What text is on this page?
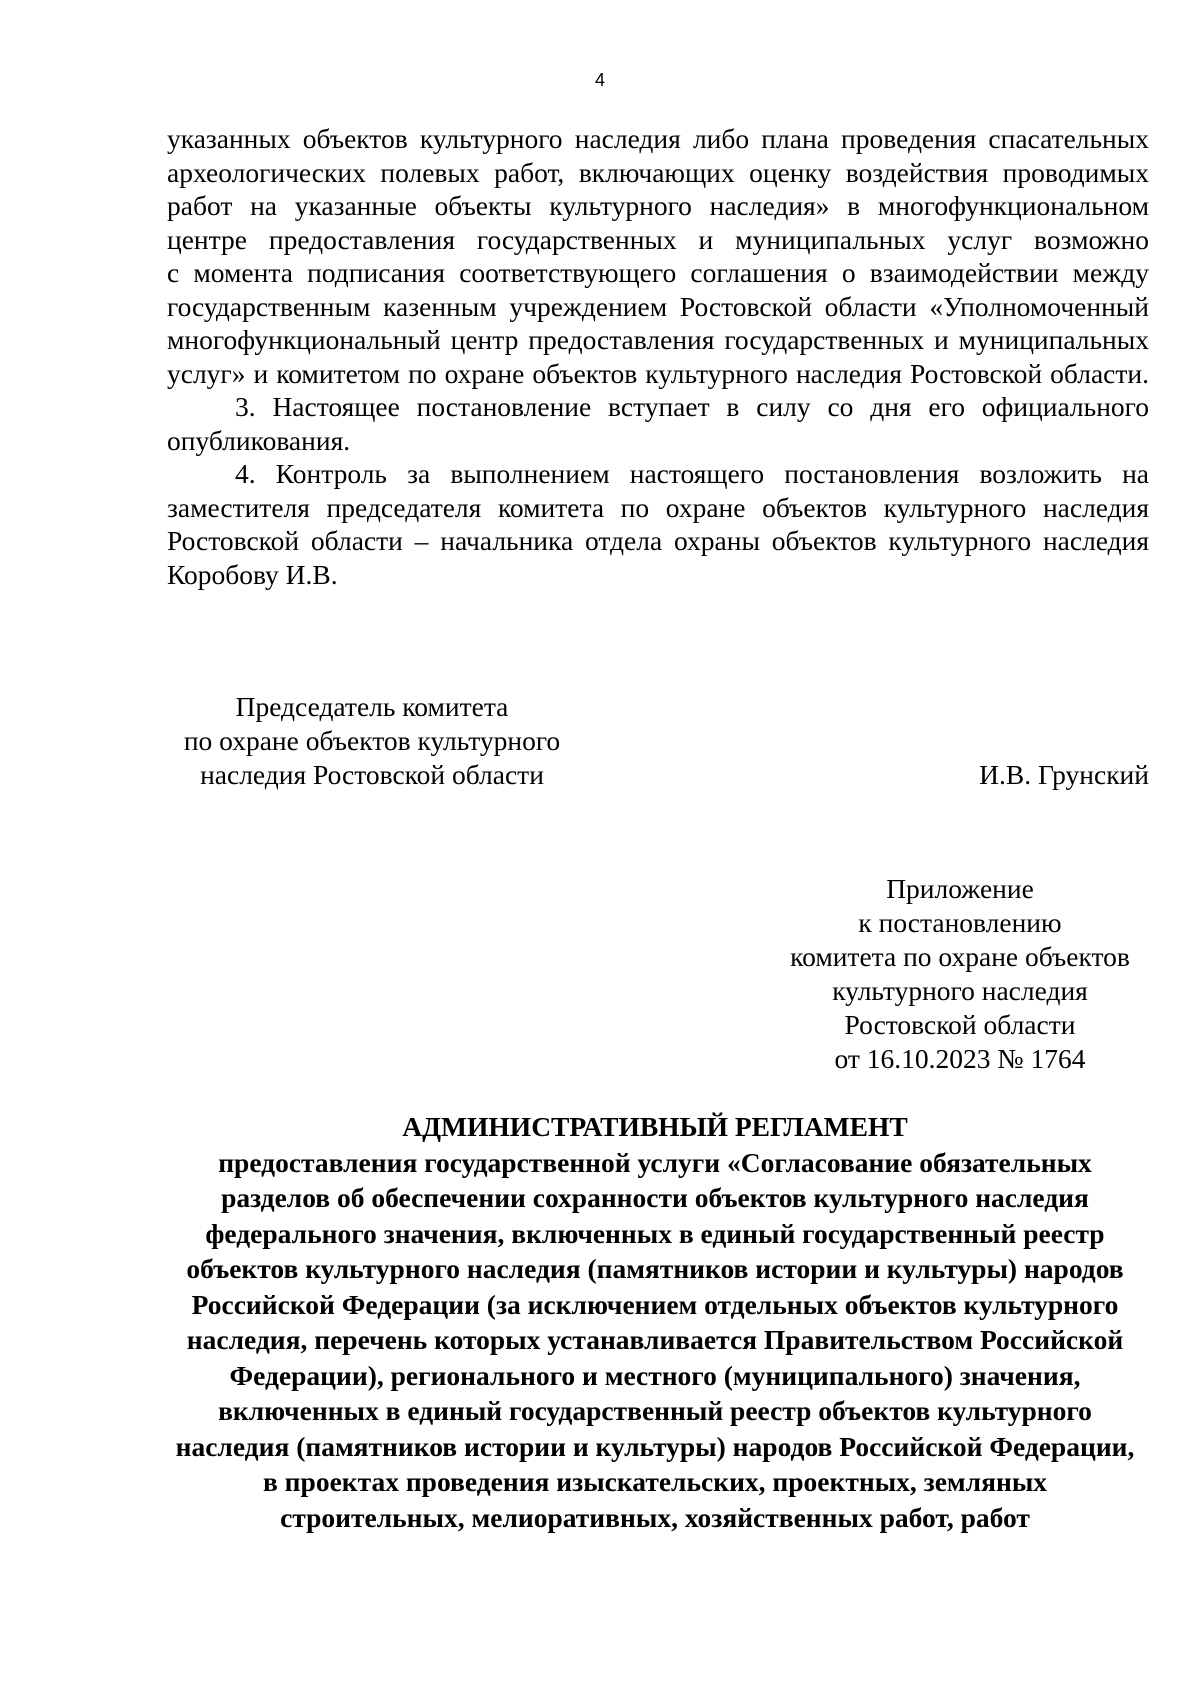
4

указанных объектов культурного наследия либо плана проведения спасательных

археологических полевых работ, включающих оценку воздействия проводимых

работ на указанные объекты культурного наследия» в многофункциональном

центре предоставления государственных и муниципальных услуг возможно

с момента подписания соответствующего соглашения о взаимодействии между

государственным казенным учреждением Ростовской области «Уполномоченный

многофункциональный центр предоставления государственных и муниципальных

услуг» и комитетом по охране объектов культурного наследия Ростовской области.

3. Настоящее постановление вступает в силу со дня его официального опубликования.

4. Контроль за выполнением настоящего постановления возложить на заместителя председателя комитета по охране объектов культурного наследия Ростовской области – начальника отдела охраны объектов культурного наследия Коробову И.В.

Председатель комитета
по охране объектов культурного
наследия Ростовской области	И.В. Грунский
Приложение
к постановлению
комитета по охране объектов
культурного наследия
Ростовской области
от 16.10.2023 № 1764
АДМИНИСТРАТИВНЫЙ РЕГЛАМЕНТ
предоставления государственной услуги «Согласование обязательных
разделов об обеспечении сохранности объектов культурного наследия
федерального значения, включенных в единый государственный реестр
объектов культурного наследия (памятников истории и культуры) народов
Российской Федерации (за исключением отдельных объектов культурного
наследия, перечень которых устанавливается Правительством Российской
Федерации), регионального и местного (муниципального) значения,
включенных в единый государственный реестр объектов культурного
наследия (памятников истории и культуры) народов Российской Федерации,
в проектах проведения изыскательских, проектных, земляных
строительных, мелиоративных, хозяйственных работ, работ
